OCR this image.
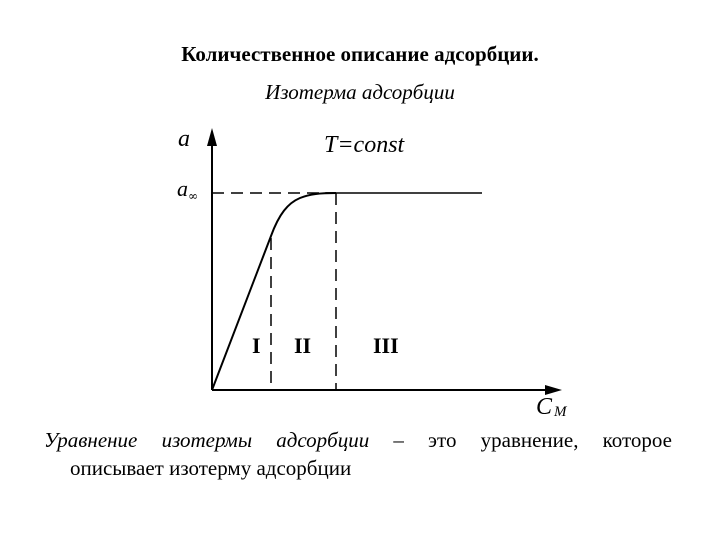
Количественное описание адсорбции.
Изотерма адсорбции
a	T=const
a ∞
I II	III
C M
Уравнение изотермы адсорбции – это уравнение, которое
описывает изотерму адсорбции
